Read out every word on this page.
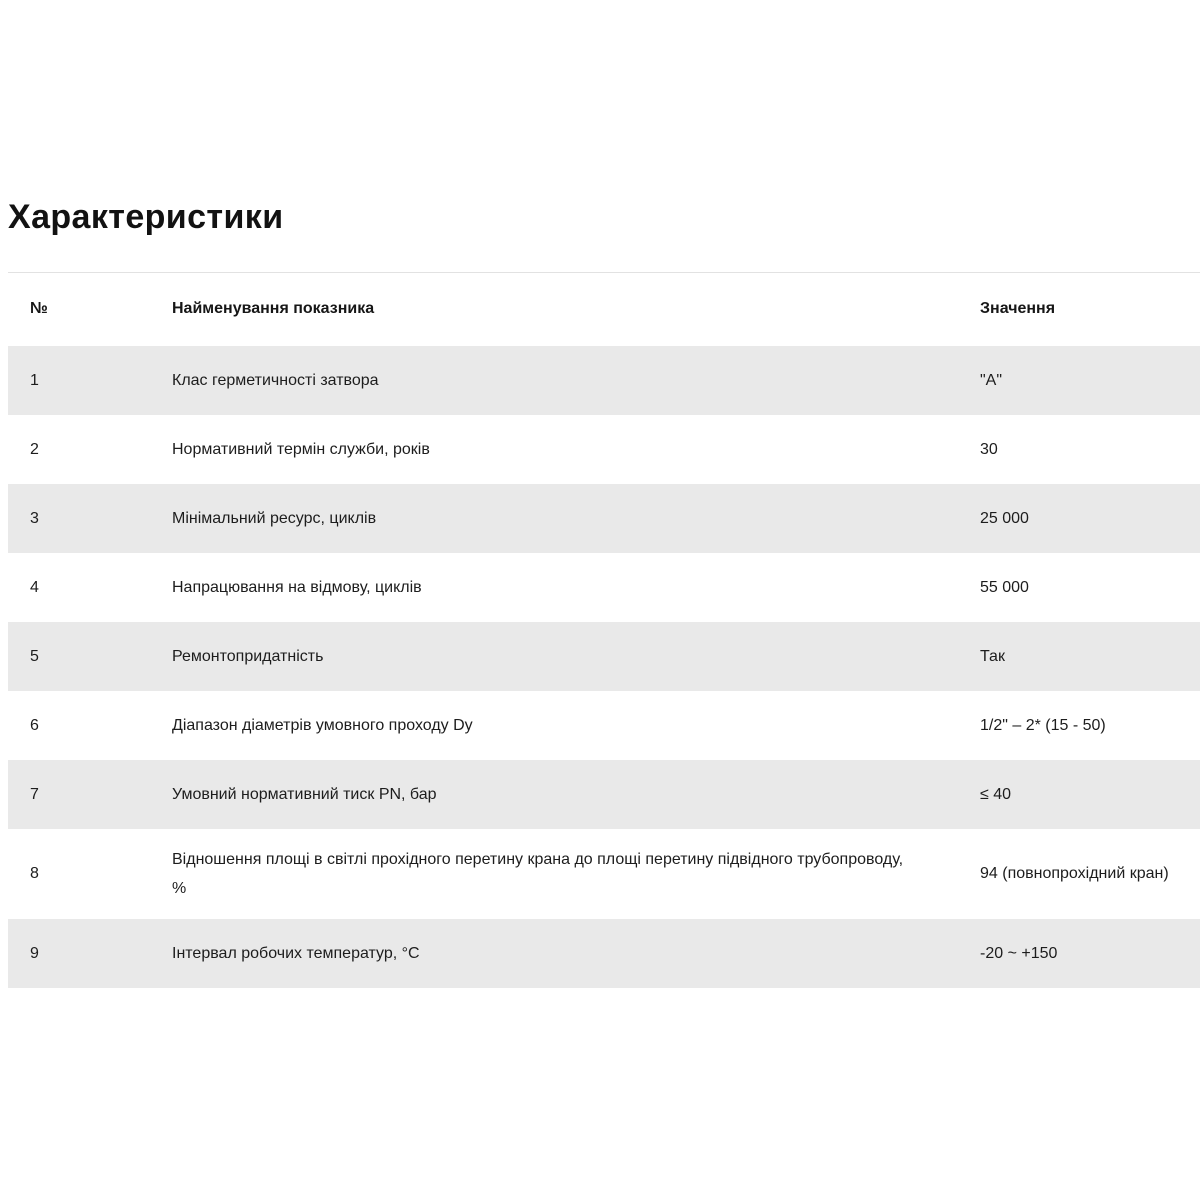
Характеристики
№	Найменування показника	Значення
1	Клас герметичності затвора	"А"
2	Нормативний термін служби, років	30
3	Мінімальний ресурс, циклів	25 000
4	Напрацювання на відмову, циклів	55 000
5	Ремонтопридатність	Так
6	Діапазон діаметрів умовного проходу Dy	1/2" – 2* (15 - 50)
7	Умовний нормативний тиск PN, бар	≤ 40
8	Відношення площі в світлі прохідного перетину крана до площі перетину підвідного трубопроводу, %	94 (повнопрохідний кран)
9	Інтервал робочих температур, °С	-20 ~ +150
